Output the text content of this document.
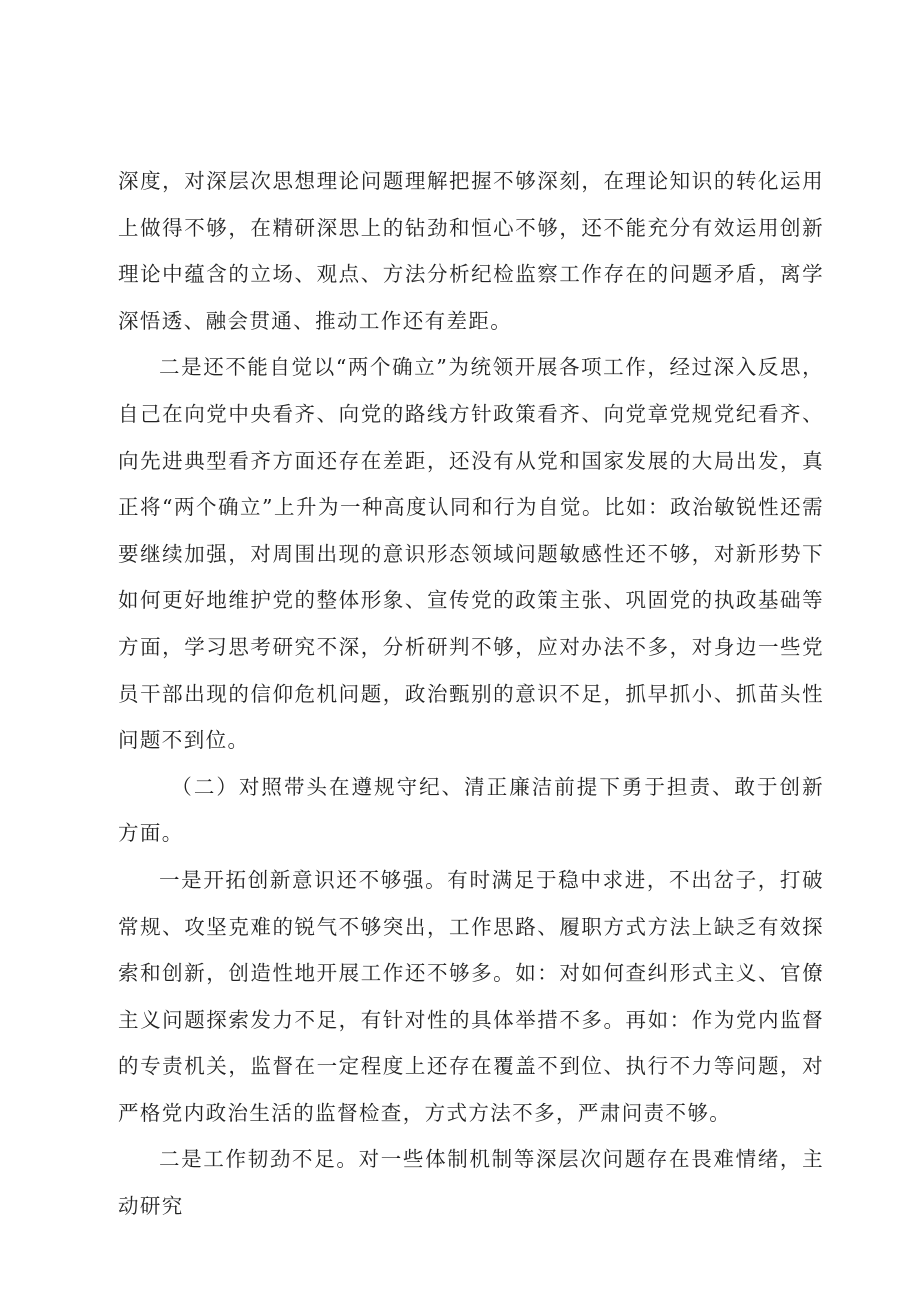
深度，对深层次思想理论问题理解把握不够深刻，在理论知识的转化运用上做得不够，在精研深思上的钻劲和恒心不够，还不能充分有效运用创新理论中蕴含的立场、观点、方法分析纪检监察工作存在的问题矛盾，离学深悟透、融会贯通、推动工作还有差距。

二是还不能自觉以“两个确立”为统领开展各项工作，经过深入反思，自己在向党中央看齐、向党的路线方针政策看齐、向党章党规党纪看齐、向先进典型看齐方面还存在差距，还没有从党和国家发展的大局出发，真正将“两个确立”上升为一种高度认同和行为自觉。比如：政治敏锐性还需要继续加强，对周围出现的意识形态领域问题敏感性还不够，对新形势下如何更好地维护党的整体形象、宣传党的政策主张、巩固党的执政基础等方面，学习思考研究不深，分析研判不够，应对办法不多，对身边一些党员干部出现的信仰危机问题，政治甄别的意识不足，抓早抓小、抓苗头性问题不到位。

（二）对照带头在遵规守纪、清正廉洁前提下勇于担责、敢于创新方面。

一是开拓创新意识还不够强。有时满足于稳中求进，不出岔子，打破常规、攻坚克难的锐气不够突出，工作思路、履职方式方法上缺乏有效探索和创新，创造性地开展工作还不够多。如：对如何查纠形式主义、官僚主义问题探索发力不足，有针对性的具体举措不多。再如：作为党内监督的专责机关，监督在一定程度上还存在覆盖不到位、执行不力等问题，对严格党内政治生活的监督检查，方式方法不多，严肃问责不够。

二是工作韧劲不足。对一些体制机制等深层次问题存在畏难情绪，主动研究
